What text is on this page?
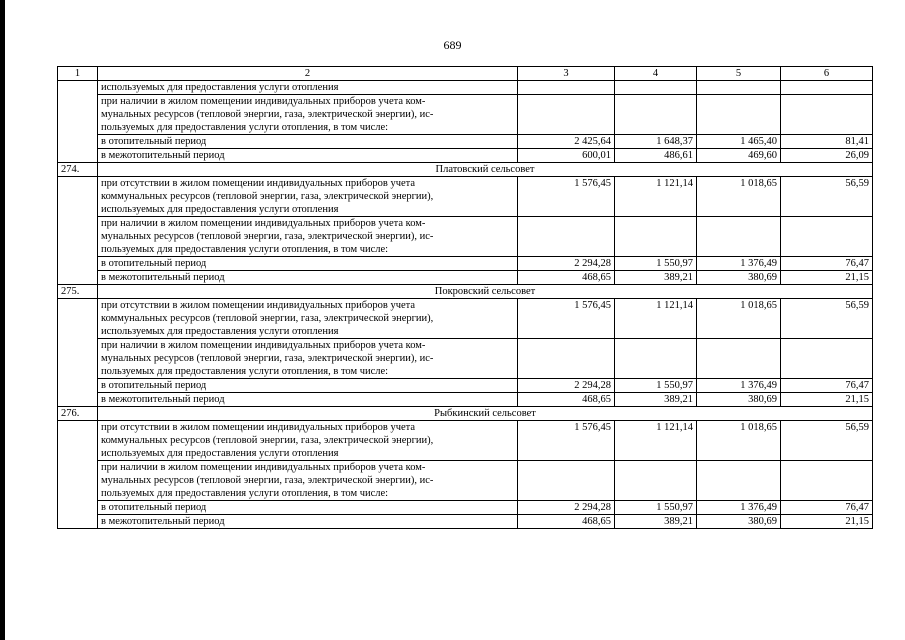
689
1	2	3	4	5	6
	используемых для предоставления услуги отопления				
	при наличии в жилом помещении индивидуальных приборов учета ком-
мунальных ресурсов (тепловой энергии, газа, электрической энергии), ис-
пользуемых для предоставления услуги отопления, в том числе:				
	в отопительный период	2 425,64	1 648,37	1 465,40	81,41
	в межотопительный период	600,01	486,61	469,60	26,09
274.	Платовский сельсовет				
	при отсутствии в жилом помещении индивидуальных приборов учета
коммунальных ресурсов (тепловой энергии, газа, электрической энергии),
используемых для предоставления услуги отопления	1 576,45	1 121,14	1 018,65	56,59
	при наличии в жилом помещении индивидуальных приборов учета ком-
мунальных ресурсов (тепловой энергии, газа, электрической энергии), ис-
пользуемых для предоставления услуги отопления, в том числе:				
	в отопительный период	2 294,28	1 550,97	1 376,49	76,47
	в межотопительный период	468,65	389,21	380,69	21,15
275.	Покровский сельсовет				
	при отсутствии в жилом помещении индивидуальных приборов учета
коммунальных ресурсов (тепловой энергии, газа, электрической энергии),
используемых для предоставления услуги отопления	1 576,45	1 121,14	1 018,65	56,59
	при наличии в жилом помещении индивидуальных приборов учета ком-
мунальных ресурсов (тепловой энергии, газа, электрической энергии), ис-
пользуемых для предоставления услуги отопления, в том числе:				
	в отопительный период	2 294,28	1 550,97	1 376,49	76,47
	в межотопительный период	468,65	389,21	380,69	21,15
276.	Рыбкинский сельсовет				
	при отсутствии в жилом помещении индивидуальных приборов учета
коммунальных ресурсов (тепловой энергии, газа, электрической энергии),
используемых для предоставления услуги отопления	1 576,45	1 121,14	1 018,65	56,59
	при наличии в жилом помещении индивидуальных приборов учета ком-
мунальных ресурсов (тепловой энергии, газа, электрической энергии), ис-
пользуемых для предоставления услуги отопления, в том числе:				
	в отопительный период	2 294,28	1 550,97	1 376,49	76,47
	в межотопительный период	468,65	389,21	380,69	21,15
